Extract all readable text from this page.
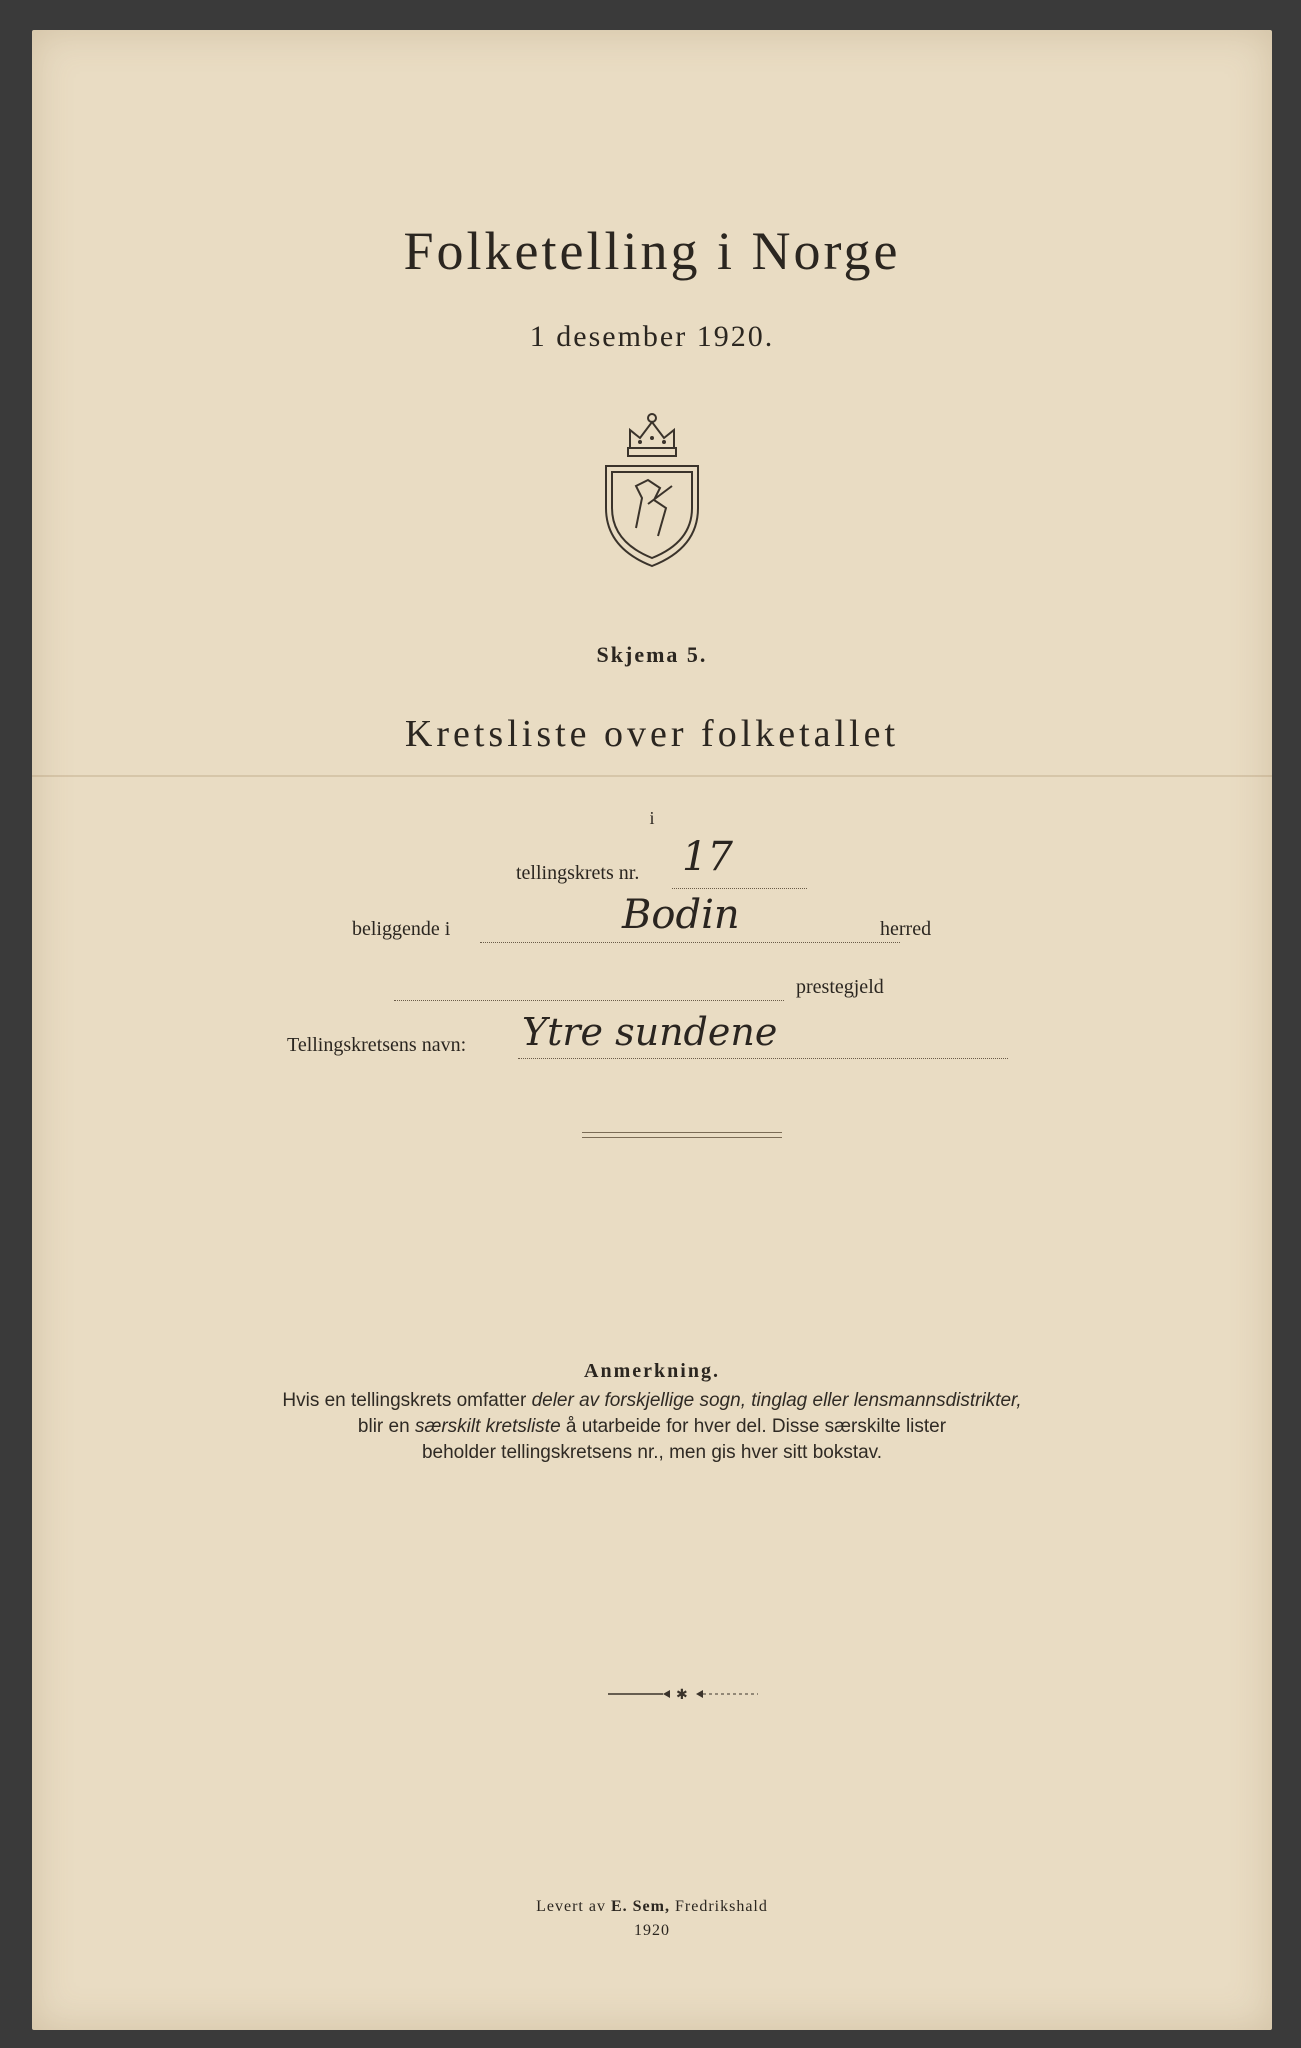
Folketelling i Norge
1 desember 1920.
Skjema 5.
Kretsliste over folketallet
i
tellingskrets nr. 17
beliggende i	Bodin	herred
prestegjeld
Tellingskretsens navn: Ytre sundene
Anmerkning.
Hvis en tellingskrets omfatter deler av forskjellige sogn, tinglag eller lensmannsdistrikter,
blir en særskilt kretsliste å utarbeide for hver del. Disse særskilte lister
beholder tellingskretsens nr., men gis hver sitt bokstav.
✱
Levert av E. Sem, Fredrikshald
1920
